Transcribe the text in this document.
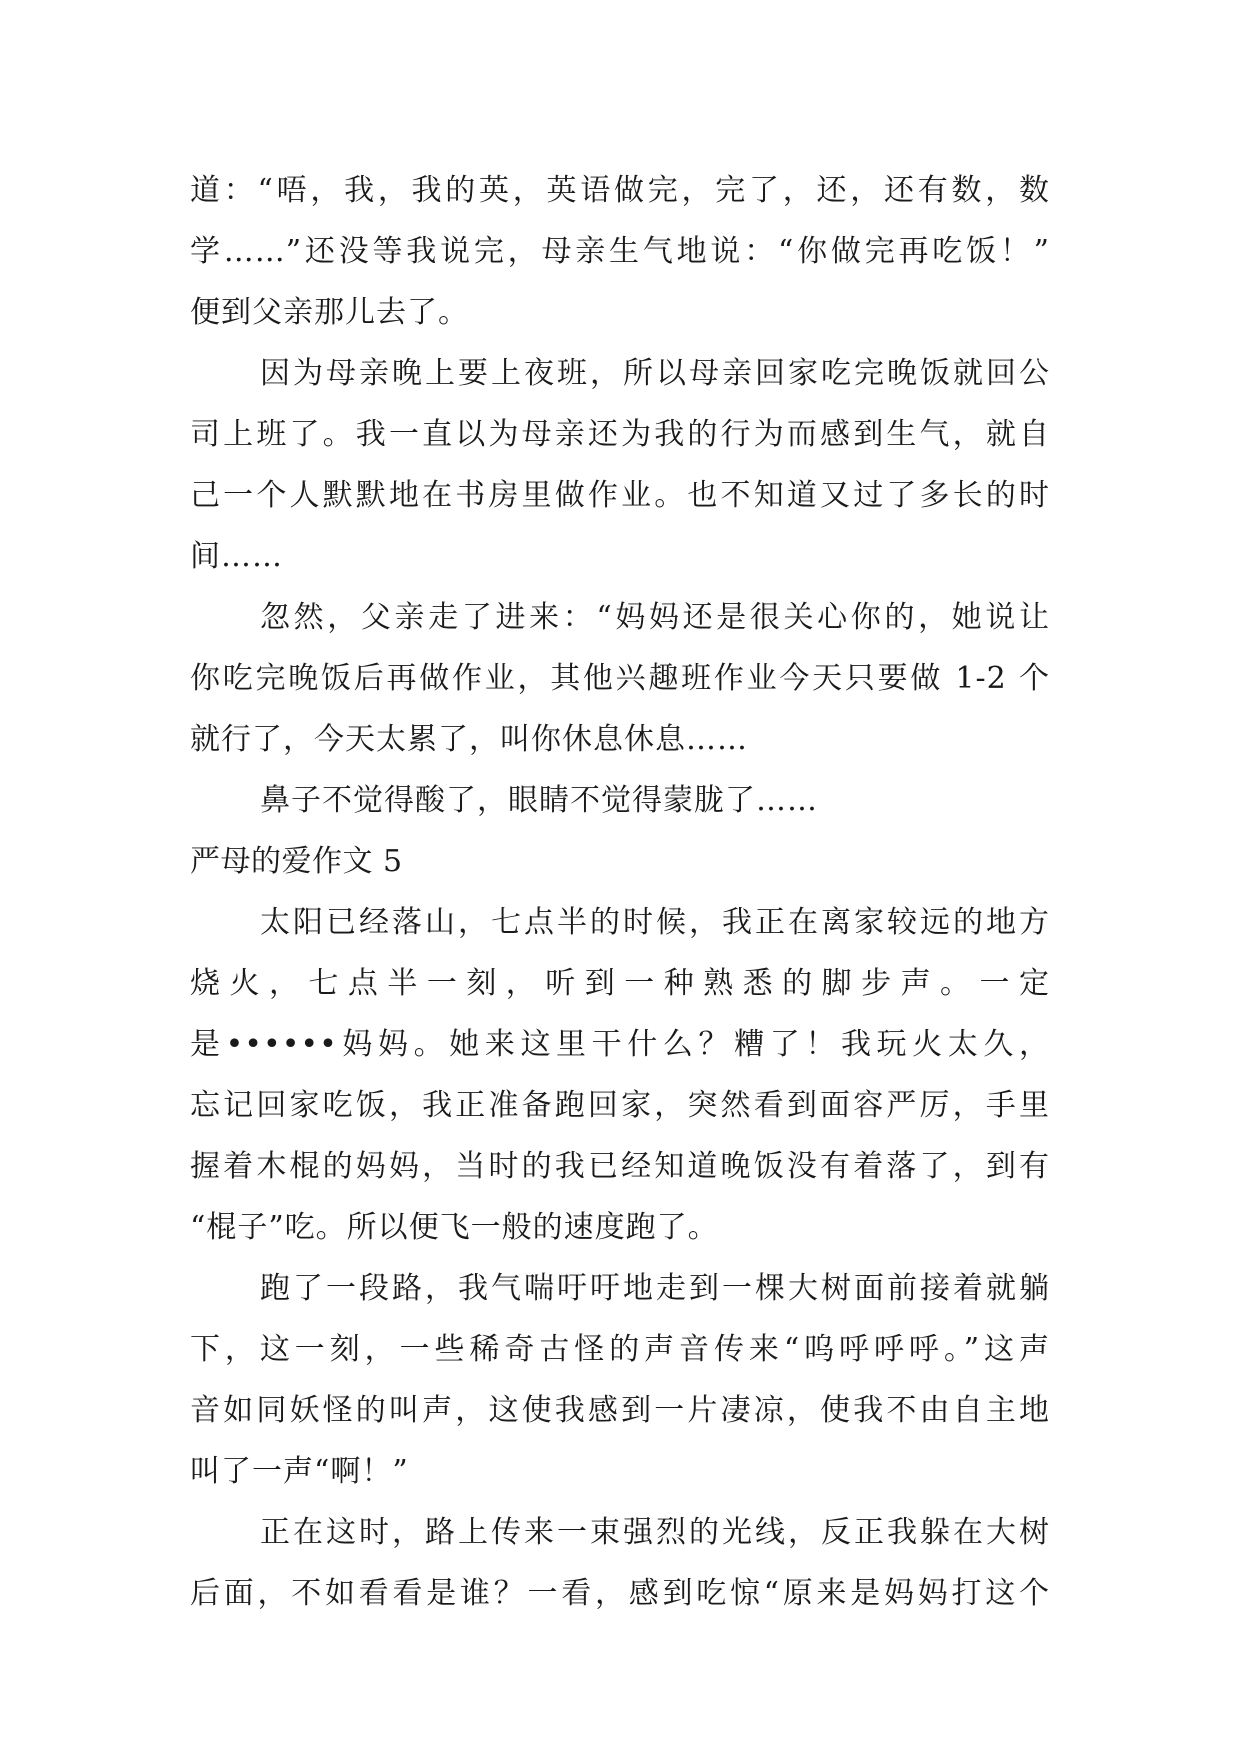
道：“唔，我，我的英，英语做完，完了，还，还有数，数
学……”还没等我说完，母亲生气地说：“你做完再吃饭！”
便到父亲那儿去了。
因为母亲晚上要上夜班，所以母亲回家吃完晚饭就回公
司上班了。我一直以为母亲还为我的行为而感到生气，就自
己一个人默默地在书房里做作业。也不知道又过了多长的时
间……
忽然，父亲走了进来：“妈妈还是很关心你的，她说让
你吃完晚饭后再做作业，其他兴趣班作业今天只要做 1-2 个
就行了，今天太累了，叫你休息休息……
鼻子不觉得酸了，眼睛不觉得蒙胧了……
严母的爱作文 5
太阳已经落山，七点半的时候，我正在离家较远的地方
烧火，七点半一刻，听到一种熟悉的脚步声。一定
是••••••妈妈。她来这里干什么？糟了！我玩火太久，
忘记回家吃饭，我正准备跑回家，突然看到面容严厉，手里
握着木棍的妈妈，当时的我已经知道晚饭没有着落了，到有
“棍子”吃。所以便飞一般的速度跑了。
跑了一段路，我气喘吁吁地走到一棵大树面前接着就躺
下，这一刻，一些稀奇古怪的声音传来“呜呼呼呼。”这声
音如同妖怪的叫声，这使我感到一片凄凉，使我不由自主地
叫了一声“啊！”
正在这时，路上传来一束强烈的光线，反正我躲在大树
后面，不如看看是谁？一看，感到吃惊“原来是妈妈打这个
